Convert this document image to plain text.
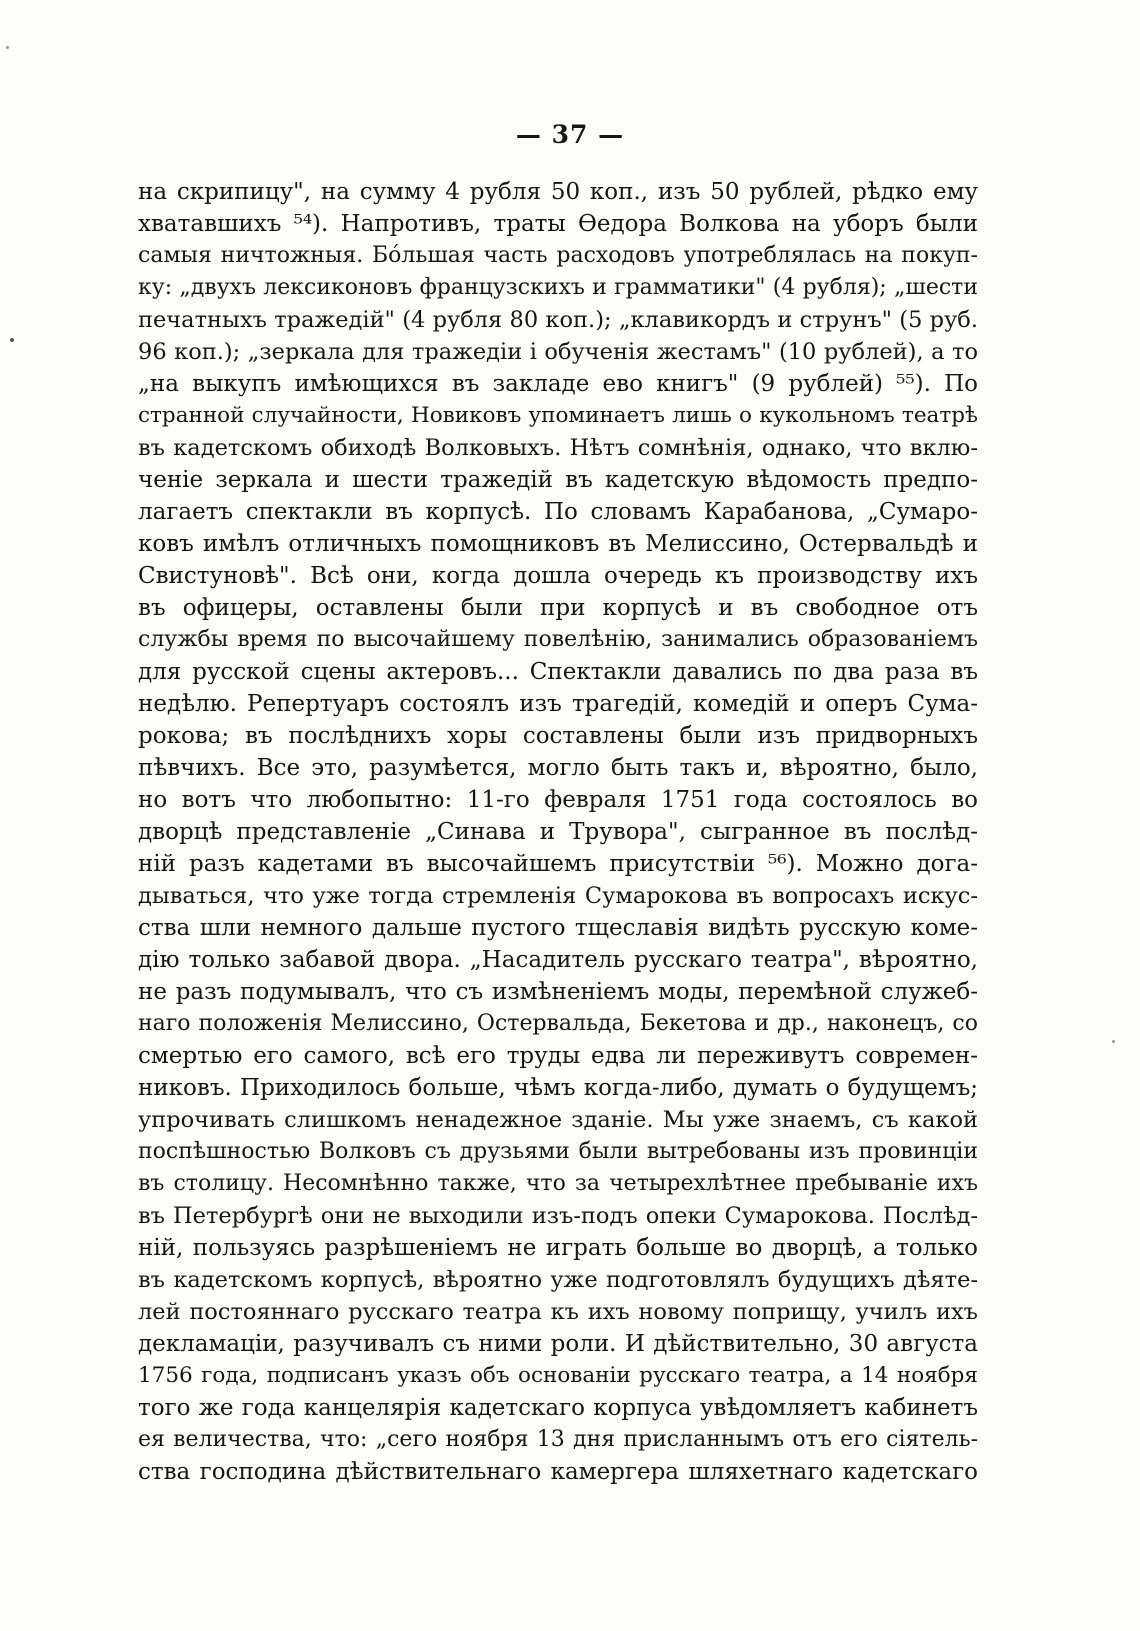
— 37 —
на скрипицу", на сумму 4 рубля 50 коп., изъ 50 рублей, рѣдко ему
хватавшихъ ⁵⁴). Напротивъ, траты Өедора Волкова на уборъ были
самыя ничтожныя. Бóльшая часть расходовъ употреблялась на покуп-
ку: „двухъ лексиконовъ французскихъ и грамматики" (4 рубля); „шести
печатныхъ тражедій" (4 рубля 80 коп.); „клавикордъ и струнъ" (5 руб.
96 коп.); „зеркала для тражедіи і обученія жестамъ" (10 рублей), а то
„на выкупъ имѣющихся въ закладе ево книгъ" (9 рублей) ⁵⁵). По
странной случайности, Новиковъ упоминаетъ лишь о кукольномъ театрѣ
въ кадетскомъ обиходѣ Волковыхъ. Нѣтъ сомнѣнія, однако, что вклю-
ченіе зеркала и шести тражедій въ кадетскую вѣдомость предпо-
лагаетъ спектакли въ корпусѣ. По словамъ Карабанова, „Сумаро-
ковъ имѣлъ отличныхъ помощниковъ въ Мелиссино, Остервальдѣ и
Свистуновѣ". Всѣ они, когда дошла очередь къ производству ихъ
въ офицеры, оставлены были при корпусѣ и въ свободное отъ
службы время по высочайшему повелѣнію, занимались образованіемъ
для русской сцены актеровъ... Спектакли давались по два раза въ
недѣлю. Репертуаръ состоялъ изъ трагедій, комедій и оперъ Сума-
рокова; въ послѣднихъ хоры составлены были изъ придворныхъ
пѣвчихъ. Все это, разумѣется, могло быть такъ и, вѣроятно, было,
но вотъ что любопытно: 11-го февраля 1751 года состоялось во
дворцѣ представленіе „Синава и Трувора", сыгранное въ послѣд-
ній разъ кадетами въ высочайшемъ присутствіи ⁵⁶). Можно дога-
дываться, что уже тогда стремленія Сумарокова въ вопросахъ искус-
ства шли немного дальше пустого тщеславія видѣть русскую коме-
дію только забавой двора. „Насадитель русскаго театра", вѣроятно,
не разъ подумывалъ, что съ измѣненіемъ моды, перемѣной служеб-
наго положенія Мелиссино, Остервальда, Бекетова и др., наконецъ, со
смертью его самого, всѣ его труды едва ли переживутъ современ-
никовъ. Приходилось больше, чѣмъ когда-либо, думать о будущемъ;
упрочивать слишкомъ ненадежное зданіе. Мы уже знаемъ, съ какой
поспѣшностью Волковъ съ друзьями были вытребованы изъ провинціи
въ столицу. Несомнѣнно также, что за четырехлѣтнее пребываніе ихъ
въ Петербургѣ они не выходили изъ-подъ опеки Сумарокова. Послѣд-
ній, пользуясь разрѣшеніемъ не играть больше во дворцѣ, а только
въ кадетскомъ корпусѣ, вѣроятно уже подготовлялъ будущихъ дѣяте-
лей постояннаго русскаго театра къ ихъ новому поприщу, училъ ихъ
декламаціи, разучивалъ съ ними роли. И дѣйствительно, 30 августа
1756 года, подписанъ указъ объ основаніи русскаго театра, а 14 ноября
того же года канцелярія кадетскаго корпуса увѣдомляетъ кабинетъ
ея величества, что: „сего ноября 13 дня присланнымъ отъ его сіятель-
ства господина дѣйствительнаго камергера шляхетнаго кадетскаго
